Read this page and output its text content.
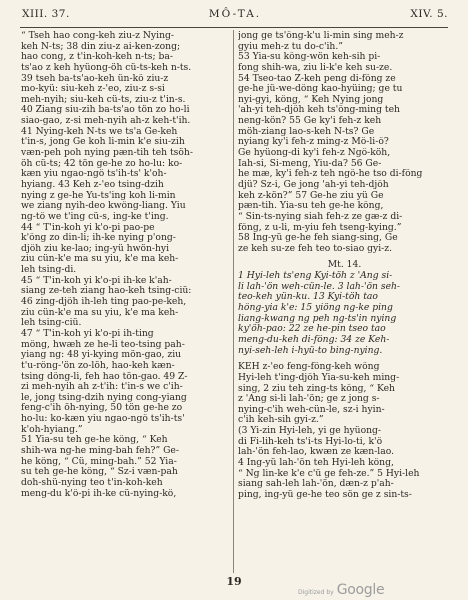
XIII. 37.	MÔ-TA.	XIV. 5.
“ Tseh hao cong-keh ziu-z Nying-
keh N-ts; 38 din ziu-z ai-ken-zong;
hao cong, z t'in-koh-keh n-ts; ba-
ts'ao z keh hyüong-öh cü-ts-keh n-ts.
39 tseh ba-ts'ao-keh ün-kô ziu-z
mo-kyü: siu-keh z-'eo, ziu-z s-si
meh-nyih; siu-keh cü-ts, ziu-z t'in-s.
40 Ziang siu-zih ba-ts'ao tön zo ho-li
siao-gao, z-si meh-nyih ah-z keh-t'ih.
41 Nying-keh N-ts we ts'a Ge-keh
t'in-s, jong Ge koh li-min k'e siu-zih
væn-peh poh nying pæn-tih teh tsöh-
öh cü-ts; 42 tön ge-he zo ho-lu: ko-
kæn yiu ngao-ngô ts'ih-ts' k'oh-
hyiang. 43 Keh z-'eo tsing-dzih
nying z ge-he Yu-ts'ing koh li-min
we ziang nyih-deo kwông-liang. Yiu
ng-tô we t'ing cü-s, ing-ke t'ing.
44 “ T'in-koh yi k'o-pi pao-pe
k'ông zo din-li; ih-ke nying p'ong-
djôh ziu ke-lao; ing-yü hwön-hyi
ziu cün-k'e ma su yiu, k'e ma keh-
leh tsing-di.
45 “ T'in-koh yi k'o-pi ih-ke k'ah-
siang ze-teh ziang hao-keh tsing-ciü:
46 zing-djôh ih-leh ting pao-pe-keh,
ziu cün-k'e ma su yiu, k'e ma keh-
leh tsing-ciü.
47 “ T'in-koh yi k'o-pi ih-ting
mông, hwæh ze he-li teo-tsing pah-
yiang ng: 48 yi-kying mön-gao, ziu
t'u-rông-'ön zo-löh, hao-keh kæn-
tsing dông-li, feh hao tön-gao. 49 Z-
zi meh-nyih ah z-t'ih: t'in-s we c'ih-
le, jong tsing-dzih nying cong-yiang
feng-c'ih öh-nying, 50 tön ge-he zo
ho-lu: ko-kæn yiu ngao-ngô ts'ih-ts'
k'oh-hyiang.”
51 Yia-su teh ge-he kông, “ Keh
shih-wa ng-he ming-bah feh?” Ge-
he kông, “ Cü, ming-bah.” 52 Yia-
su teh ge-he kông, “ Sz-i væn-pah
doh-shü-nying teo t'in-koh-keh
meng-du k'ô-pi ih-ke cü-nying-kô,
jong ge ts'ông-k'u li-min sing meh-z
gyiu meh-z tu do-c'ih.”
53 Yia-su kông-wön keh-sih pi-
fong shih-wa, ziu li-k'e keh su-ze.
54 Tseo-tao Z-keh peng di-fông ze
ge-he jü-we-dông kao-hyüing; ge tu
nyi-gyi, kông, “ Keh Nying jong
'ah-yi teh-djôh keh ts'ông-ming teh
neng-kön? 55 Ge ky'i feh-z keh
möh-ziang lao-s-keh N-ts? Ge
nyiang ky'i feh-z ming-z Mô-li-ô?
Ge hyüong-di ky'i feh-z Ngô-köh,
Iah-si, Si-meng, Yiu-da? 56 Ge-
he mæ, ky'i feh-z teh ngô-he tso di-fông
djü? Sz-i, Ge jong 'ah-yi teh-djôh
keh z-kön?” 57 Ge-he ziu yü Ge
pæn-tih. Yia-su teh ge-he kông,
“ Sin-ts-nying siah feh-z ze gæ-z di-
fông, z u-li, m-yiu feh tseng-kying.”
58 Ing-yü ge-he feh siang-sing, Ge
ze keh su-ze feh teo to-siao gyi-z.
Mt. 14.
1 Hyi-leh ts'eng Kyi-töh z 'Ang si-
li lah-'ön weh-cün-le. 3 lah-'ön seh-
teo-keh yün-ku. 13 Kyi-töh tao
hông-yia k'e: 15 yiöng ng-ke ping
liang-kwang ng peh ng-ts'in nying
ky'öh-pao: 22 ze he-pin tseo tao
meng-du-keh di-fông: 34 ze Keh-
nyi-seh-leh i-hyü-to bing-nying.
KEH z-'eo feng-fông-keh wông
Hyi-leh t'ing-djôh Yia-su-keh ming-
sing, 2 ziu teh zing-ts kông, “ Keh
z 'Ang si-li lah-'ön; ge z jong s-
nying-c'ih weh-cün-le, sz-i hyin-
c'ih keh-sih gyi-z.”
(3 Yi-zin Hyi-leh, yi ge hyüong-
di Fi-lih-keh ts'i-ts Hyi-lo-ti, k'ô
lah-'ön feh-lao, kwæn ze kæn-lao.
4 Ing-yü lah-'ön teh Hyi-leh kông,
“ Ng lin-ke k'e c'ü ge feh-ze.” 5 Hyi-leh
siang sah-leh lah-'ön, dæn-z p'ah-
ping, ing-yü ge-he teo sön ge z sin-ts-
19
Digitized by Google
